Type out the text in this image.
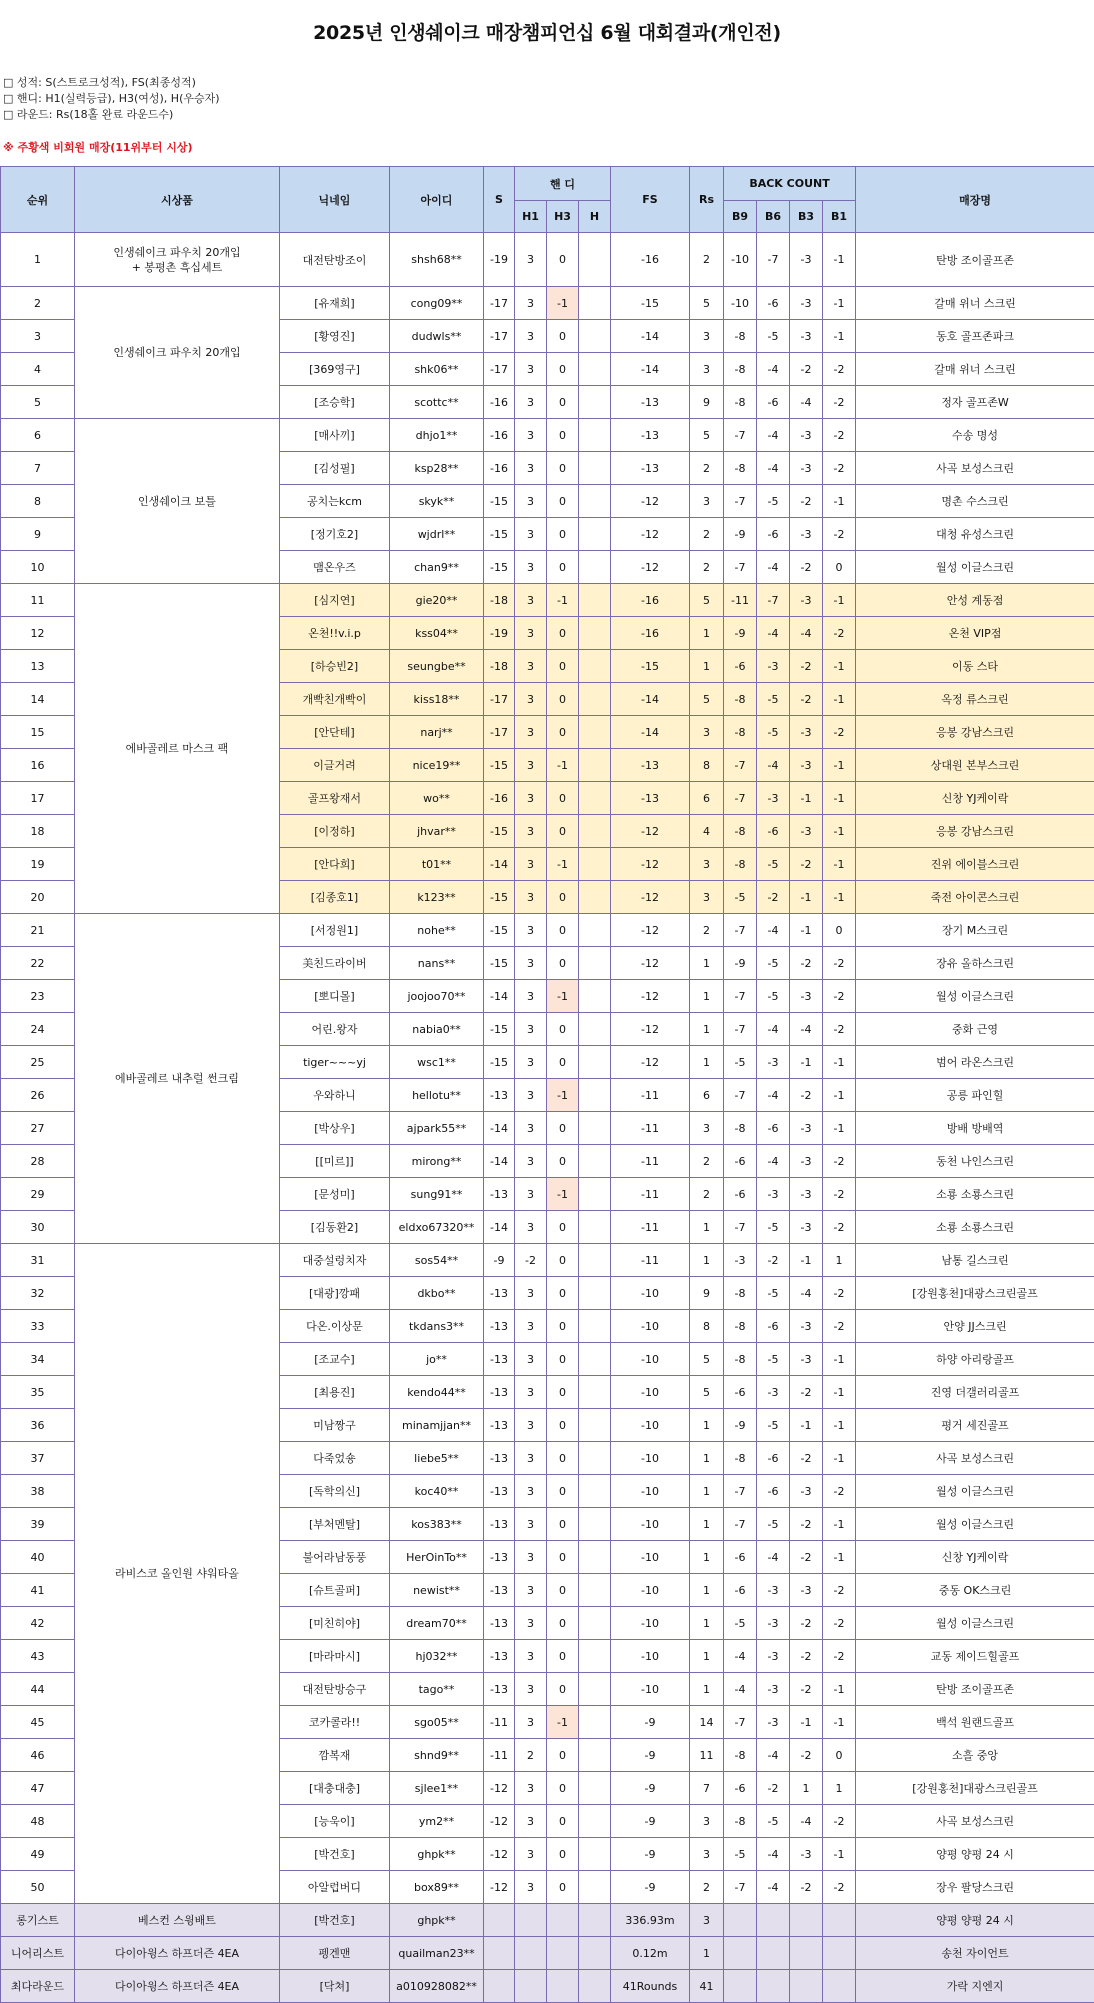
2025년 인생쉐이크 매장챔피언십 6월 대회결과(개인전)
□ 성적: S(스트로크성적), FS(최종성적)
□ 핸디: H1(실력등급), H3(여성), H(우승자)
□ 라운드: Rs(18홀 완료 라운드수)
※ 주황색 비회원 매장(11위부터 시상)
순위	시상품	닉네임	아이디	S	핸 디			FS	Rs	BACK COUNT				매장명
					H1	H3	H			B9	B6	B3	B1	
1	인생쉐이크 파우치 20개입
+ 봉평촌 흑십세트	대전탄방조이	shsh68**	-19	3	0		-16	2	-10	-7	-3	-1	탄방 조이골프존
2	인생쉐이크 파우치 20개입	[유재희]	cong09**	-17	3	-1		-15	5	-10	-6	-3	-1	갈매 위너 스크린
3		[황영진]	dudwls**	-17	3	0		-14	3	-8	-5	-3	-1	동호 골프존파크
4		[369영구]	shk06**	-17	3	0		-14	3	-8	-4	-2	-2	갈매 위너 스크린
5		[조승학]	scottc**	-16	3	0		-13	9	-8	-6	-4	-2	정자 골프존W
6	인생쉐이크 보틀	[매사끼]	dhjo1**	-16	3	0		-13	5	-7	-4	-3	-2	수송 명성
7		[김성필]	ksp28**	-16	3	0		-13	2	-8	-4	-3	-2	사곡 보성스크린
8		공치는kcm	skyk**	-15	3	0		-12	3	-7	-5	-2	-1	명촌 수스크린
9		[정기호2]	wjdrl**	-15	3	0		-12	2	-9	-6	-3	-2	대청 유성스크린
10		맴온우즈	chan9**	-15	3	0		-12	2	-7	-4	-2	0	월성 이글스크린
11	에바골레르 마스크 팩	[심지연]	gie20**	-18	3	-1		-16	5	-11	-7	-3	-1	안성 계동점
12		온천!!v.i.p	kss04**	-19	3	0		-16	1	-9	-4	-4	-2	온천 VIP점
13		[하승빈2]	seungbe**	-18	3	0		-15	1	-6	-3	-2	-1	이동 스타
14		개빡친개빡이	kiss18**	-17	3	0		-14	5	-8	-5	-2	-1	옥정 류스크린
15		[안단테]	narj**	-17	3	0		-14	3	-8	-5	-3	-2	응봉 강남스크린
16		이글거려	nice19**	-15	3	-1		-13	8	-7	-4	-3	-1	상대원 본부스크린
17		골프왕재서	wo**	-16	3	0		-13	6	-7	-3	-1	-1	신창 YJ케이락
18		[이정하]	jhvar**	-15	3	0		-12	4	-8	-6	-3	-1	응봉 강남스크린
19		[안다희]	t01**	-14	3	-1		-12	3	-8	-5	-2	-1	진위 에이블스크린
20		[김종호1]	k123**	-15	3	0		-12	3	-5	-2	-1	-1	죽전 아이콘스크린
21	에바골레르 내추럴 썬크림	[서정원1]	nohe**	-15	3	0		-12	2	-7	-4	-1	0	장기 M스크린
22		美친드라이버	nans**	-15	3	0		-12	1	-9	-5	-2	-2	장유 올하스크린
23		[뽀디몰]	joojoo70**	-14	3	-1		-12	1	-7	-5	-3	-2	월성 이글스크린
24		어린.왕자	nabia0**	-15	3	0		-12	1	-7	-4	-4	-2	중화 근영
25		tiger~~~yj	wsc1**	-15	3	0		-12	1	-5	-3	-1	-1	범어 라온스크린
26		우와하니	hellotu**	-13	3	-1		-11	6	-7	-4	-2	-1	공릉 파인힐
27		[박상우]	ajpark55**	-14	3	0		-11	3	-8	-6	-3	-1	방배 방배역
28		[[미르]]	mirong**	-14	3	0		-11	2	-6	-4	-3	-2	동천 나인스크린
29		[문성미]	sung91**	-13	3	-1		-11	2	-6	-3	-3	-2	소룡 소룡스크린
30		[김동환2]	eldxo67320**	-14	3	0		-11	1	-7	-5	-3	-2	소룡 소룡스크린
31	라비스코 올인원 샤워타올	대중설렁치자	sos54**	-9	-2	0		-11	1	-3	-2	-1	1	남통 길스크린
32		[대광]깡패	dkbo**	-13	3	0		-10	9	-8	-5	-4	-2	[강원홍천]대광스크린골프
33		다온.이상문	tkdans3**	-13	3	0		-10	8	-8	-6	-3	-2	안양 JJ스크린
34		[조교수]	jo**	-13	3	0		-10	5	-8	-5	-3	-1	하양 아리랑골프
35		[최용진]	kendo44**	-13	3	0		-10	5	-6	-3	-2	-1	진영 더갤러리골프
36		미남짱구	minamjjan**	-13	3	0		-10	1	-9	-5	-1	-1	평거 세진골프
37		다죽었숑	liebe5**	-13	3	0		-10	1	-8	-6	-2	-1	사곡 보성스크린
38		[독학의신]	koc40**	-13	3	0		-10	1	-7	-6	-3	-2	월성 이글스크린
39		[부처멘탈]	kos383**	-13	3	0		-10	1	-7	-5	-2	-1	월성 이글스크린
40		불어라남동풍	HerOinTo**	-13	3	0		-10	1	-6	-4	-2	-1	신창 YJ케이락
41		[슈트골퍼]	newist**	-13	3	0		-10	1	-6	-3	-3	-2	중동 OK스크린
42		[미친히야]	dream70**	-13	3	0		-10	1	-5	-3	-2	-2	월성 이글스크린
43		[마라마시]	hj032**	-13	3	0		-10	1	-4	-3	-2	-2	교동 제이드힐골프
44		대전탄방승구	tago**	-13	3	0		-10	1	-4	-3	-2	-1	탄방 조이골프존
45		코카콜라!!	sgo05**	-11	3	-1		-9	14	-7	-3	-1	-1	백석 원랜드골프
46		깜복재	shnd9**	-11	2	0		-9	11	-8	-4	-2	0	소흘 중앙
47		[대충대충]	sjlee1**	-12	3	0		-9	7	-6	-2	1	1	[강원홍천]대광스크린골프
48		[능욱이]	ym2**	-12	3	0		-9	3	-8	-5	-4	-2	사곡 보성스크린
49		[박건호]	ghpk**	-12	3	0		-9	3	-5	-4	-3	-1	양평 양평 24 시
50		아알럽버디	box89**	-12	3	0		-9	2	-7	-4	-2	-2	장우 팔당스크린
롱기스트	베스컨 스윙배트	[박건호]	ghpk**					336.93m	3					양평 양평 24 시
니어리스트	다이아윙스 하프더즌 4EA	펭겐맨	quailman23**					0.12m	1					송천 자이언트
최다라운드	다이아윙스 하프더즌 4EA	[닥쳐]	a010928082**					41Rounds	41					가락 지엔지
